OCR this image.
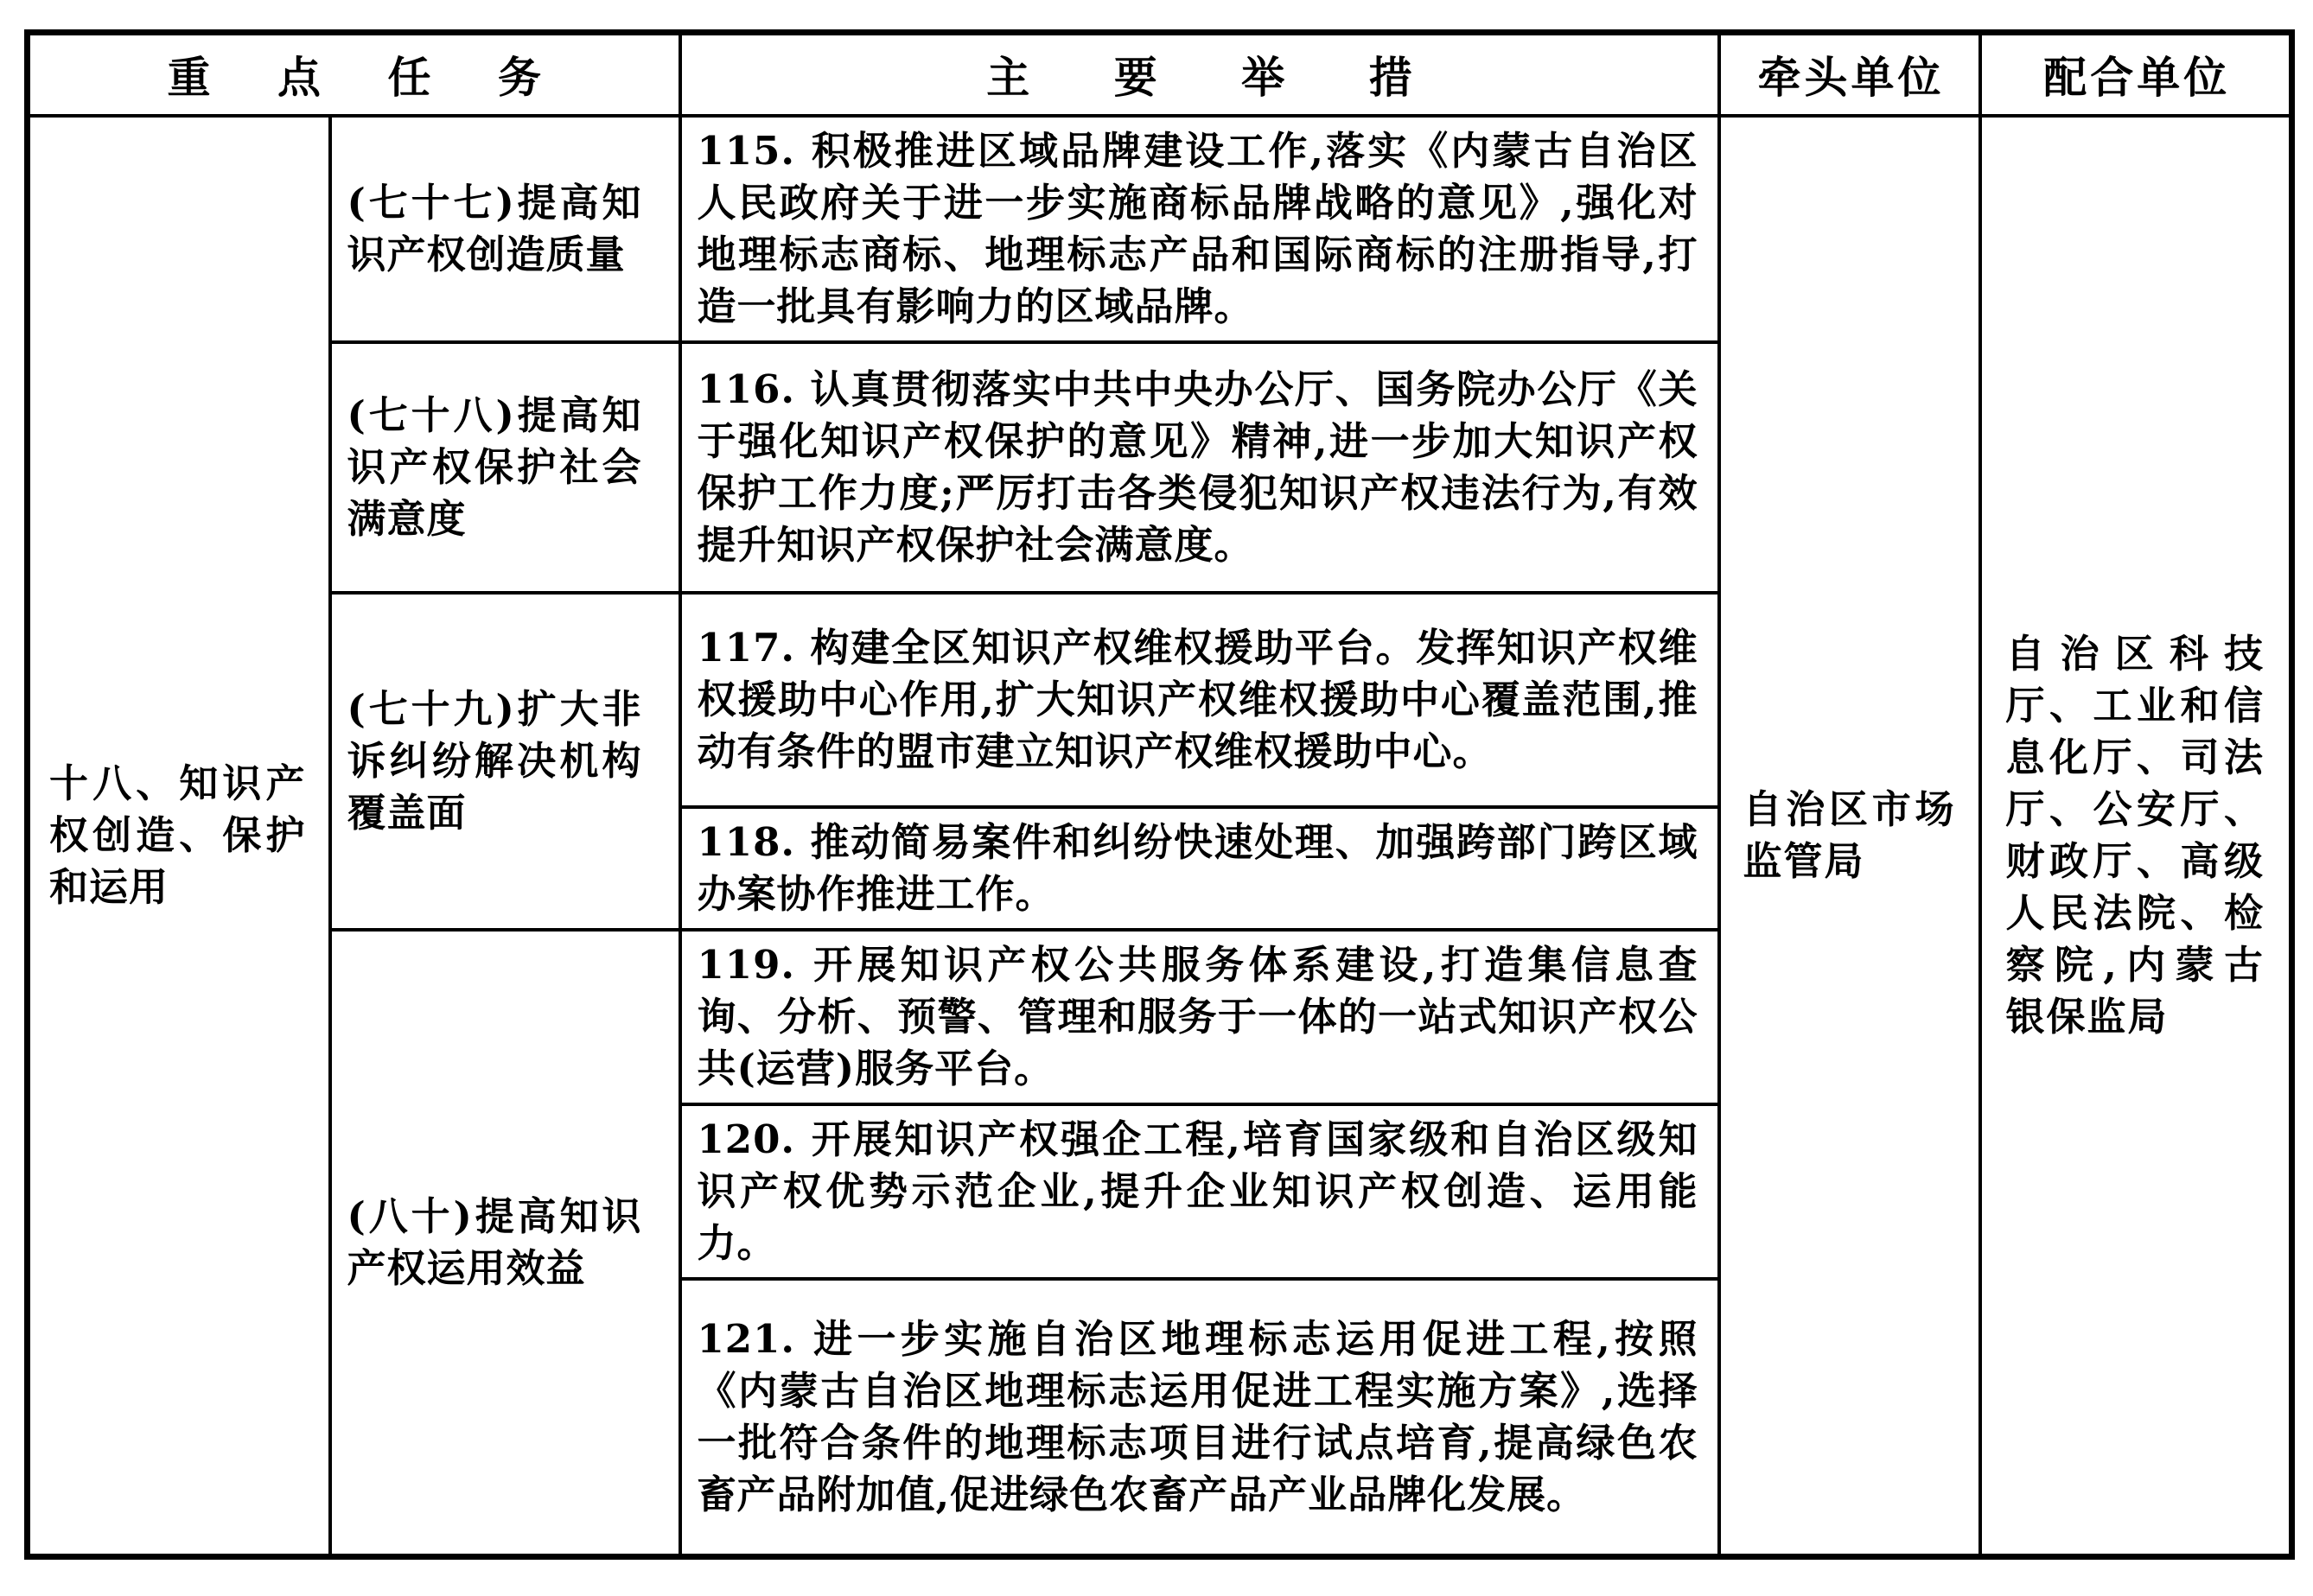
重点任务		主要举措	牵头单位	配合单位
十八、知识产权创造、保护和运用	(七十七)提高知识产权创造质量	115. 积极推进区域品牌建设工作,落实《内蒙古自治区人民政府关于进一步实施商标品牌战略的意见》,强化对地理标志商标、地理标志产品和国际商标的注册指导,打造一批具有影响力的区域品牌。	自治区市场监管局	自治区科技厅、工业和信息化厅、司法厅、公安厅、财政厅、高级人民法院、检察院,内蒙古银保监局
	(七十八)提高知识产权保护社会满意度	116. 认真贯彻落实中共中央办公厅、国务院办公厅《关于强化知识产权保护的意见》精神,进一步加大知识产权保护工作力度;严厉打击各类侵犯知识产权违法行为,有效提升知识产权保护社会满意度。		
	(七十九)扩大非诉纠纷解决机构覆盖面	117. 构建全区知识产权维权援助平台。发挥知识产权维权援助中心作用,扩大知识产权维权援助中心覆盖范围,推动有条件的盟市建立知识产权维权援助中心。		
		118. 推动简易案件和纠纷快速处理、加强跨部门跨区域办案协作推进工作。		
	(八十)提高知识产权运用效益	119. 开展知识产权公共服务体系建设,打造集信息查询、分析、预警、管理和服务于一体的一站式知识产权公共(运营)服务平台。		
		120. 开展知识产权强企工程,培育国家级和自治区级知识产权优势示范企业,提升企业知识产权创造、运用能力。		
		121. 进一步实施自治区地理标志运用促进工程,按照《内蒙古自治区地理标志运用促进工程实施方案》,选择一批符合条件的地理标志项目进行试点培育,提高绿色农畜产品附加值,促进绿色农畜产品产业品牌化发展。		
